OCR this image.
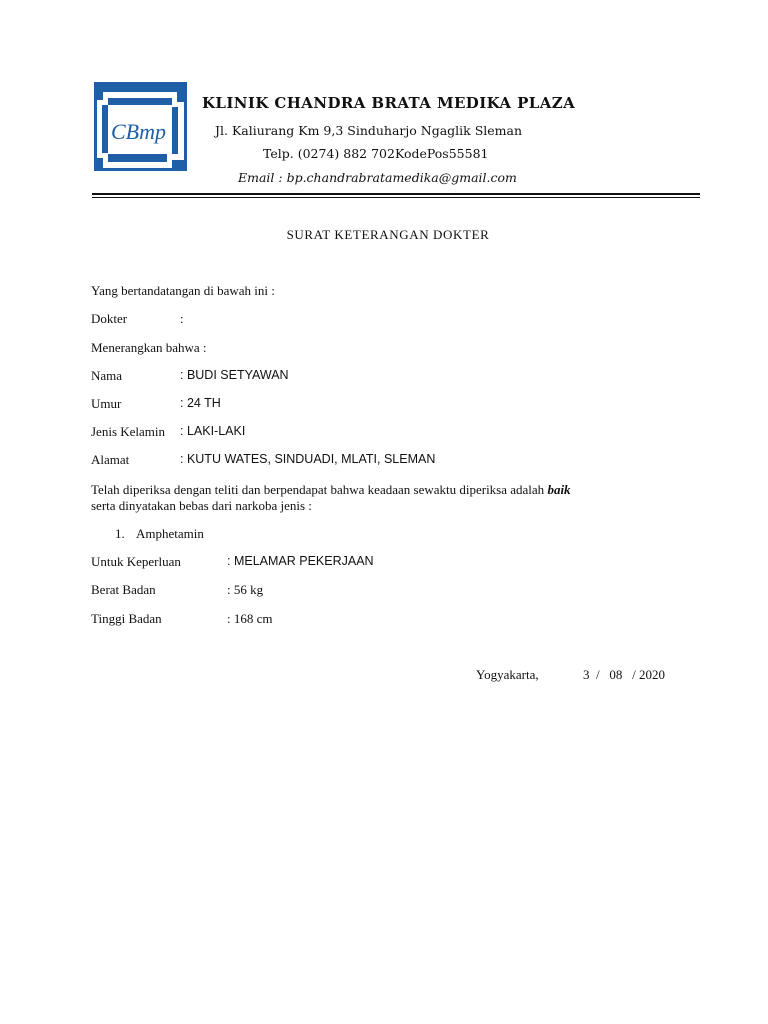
CBmp
KLINIK CHANDRA BRATA MEDIKA PLAZA
Jl. Kaliurang Km 9,3 Sinduharjo Ngaglik Sleman
Telp. (0274) 882 702KodePos55581
Email : bp.chandrabratamedika@gmail.com
SURAT KETERANGAN DOKTER
Yang bertandatangan di bawah ini :
Dokter	:
Menerangkan bahwa :
Nama	: BUDI SETYAWAN
Umur	: 24 TH
Jenis Kelamin : LAKI-LAKI
Alamat	: KUTU WATES, SINDUADI, MLATI, SLEMAN
Telah diperiksa dengan teliti dan berpendapat bahwa keadaan sewaktu diperiksa adalah baik
serta dinyatakan bebas dari narkoba jenis :
1. Amphetamin
Untuk Keperluan	: MELAMAR PEKERJAAN
Berat Badan	: 56 kg
Tinggi Badan	: 168 cm
Yogyakarta,	3  /   08   / 2020
